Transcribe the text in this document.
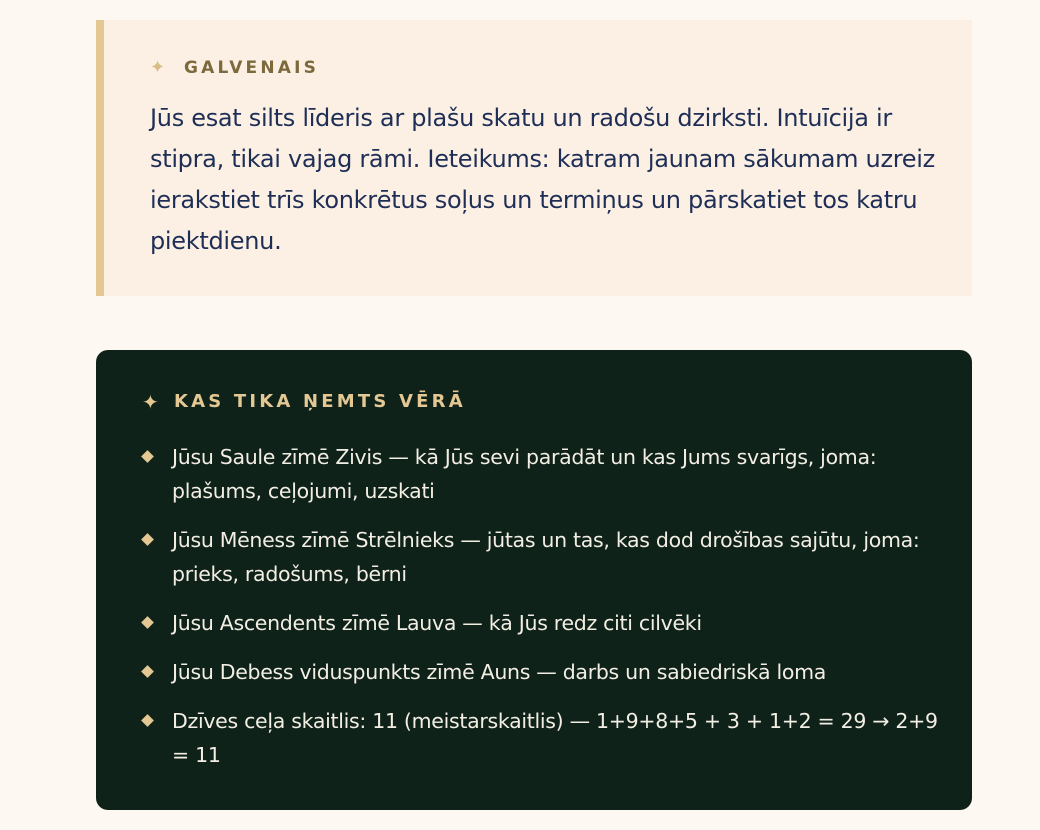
✦ GALVENAIS

Jūs esat silts līderis ar plašu skatu un radošu dzirksti. Intuīcija ir stipra, tikai vajag rāmi. Ieteikums: katram jaunam sākumam uzreiz ierakstiet trīs konkrētus soļus un termiņus un pārskatiet tos katru piektdienu.

✦ KAS TIKA ŅEMTS VĒRĀ
Jūsu Saule zīmē Zivis — kā Jūs sevi parādāt un kas Jums svarīgs, joma: plašums, ceļojumi, uzskati
Jūsu Mēness zīmē Strēlnieks — jūtas un tas, kas dod drošības sajūtu, joma: prieks, radošums, bērni
Jūsu Ascendents zīmē Lauva — kā Jūs redz citi cilvēki
Jūsu Debess viduspunkts zīmē Auns — darbs un sabiedriskā loma
Dzīves ceļa skaitlis: 11 (meistarskaitlis) — 1+9+8+5 + 3 + 1+2 = 29 → 2+9 = 11
